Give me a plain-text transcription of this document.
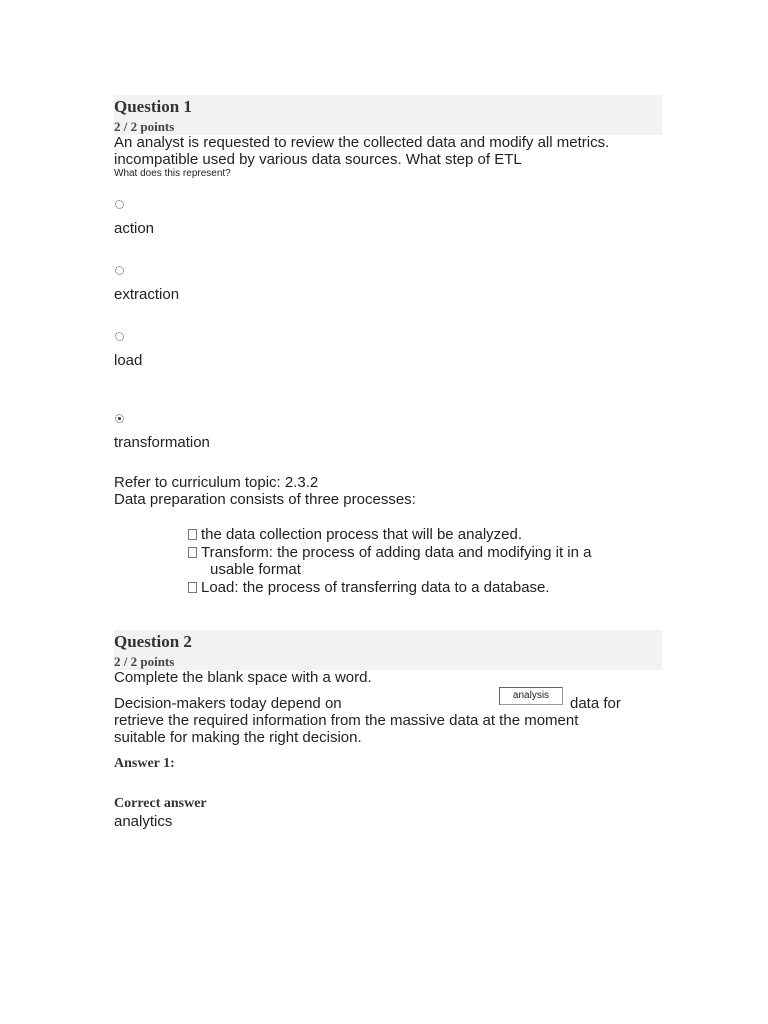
Question 1
2 / 2 points
An analyst is requested to review the collected data and modify all metrics.
incompatible used by various data sources. What step of ETL
What does this represent?
action
extraction
load
transformation
Refer to curriculum topic: 2.3.2
Data preparation consists of three processes:
the data collection process that will be analyzed.
Transform: the process of adding data and modifying it in a
usable format
Load: the process of transferring data to a database.
Question 2
2 / 2 points
Complete the blank space with a word.
Decision-makers today depend on	analysis	data for
retrieve the required information from the massive data at the moment
suitable for making the right decision.
Answer 1:
Correct answer
analytics
